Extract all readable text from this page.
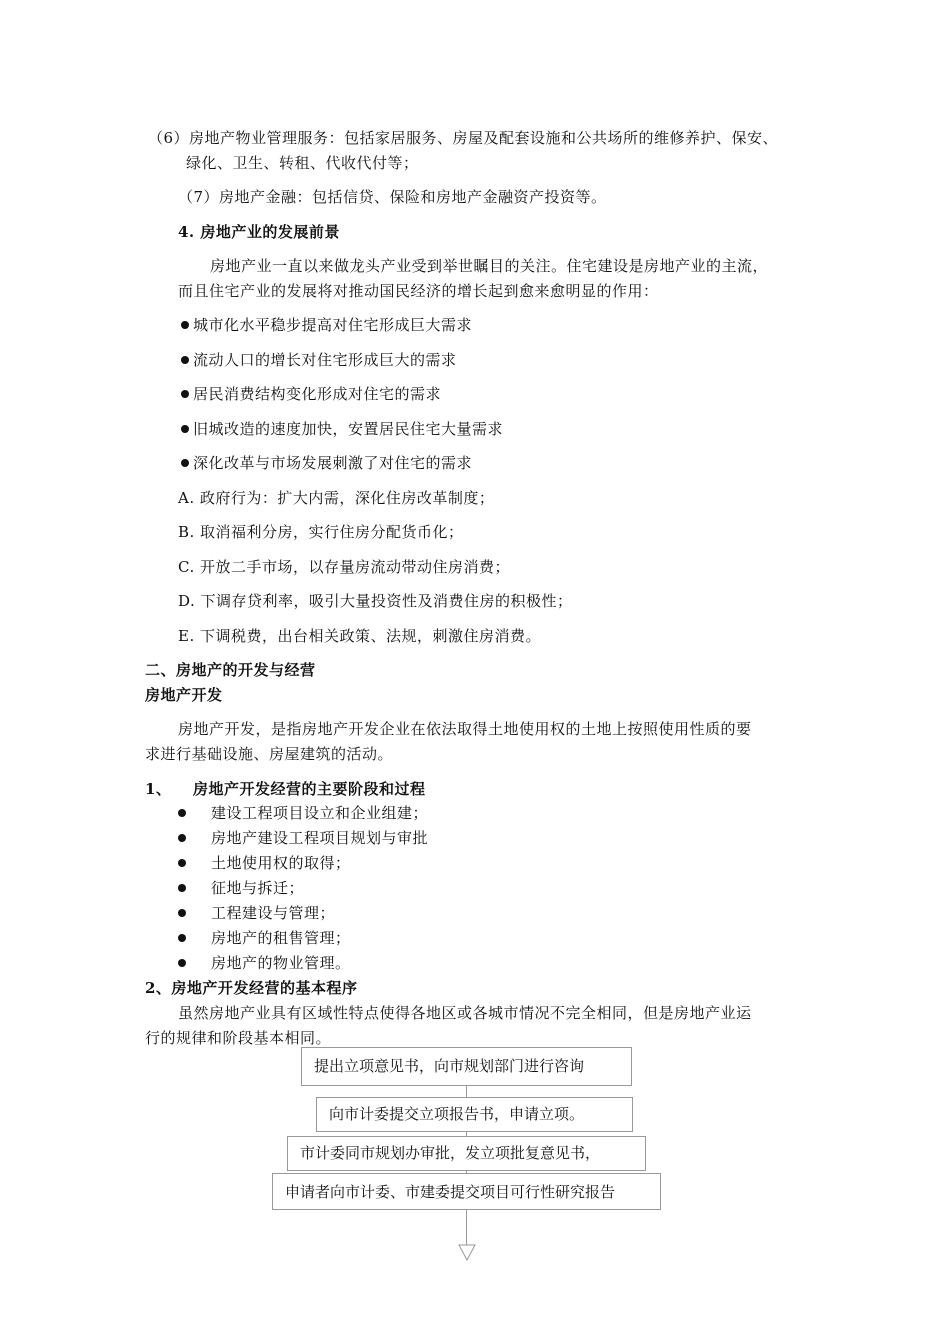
（6）房地产物业管理服务：包括家居服务、房屋及配套设施和公共场所的维修养护、保安、
绿化、卫生、转租、代收代付等；
（7）房地产金融：包括信贷、保险和房地产金融资产投资等。
4. 房地产业的发展前景
房地产业一直以来做龙头产业受到举世瞩目的关注。住宅建设是房地产业的主流，
而且住宅产业的发展将对推动国民经济的增长起到愈来愈明显的作用：
城市化水平稳步提高对住宅形成巨大需求
流动人口的增长对住宅形成巨大的需求
居民消费结构变化形成对住宅的需求
旧城改造的速度加快，安置居民住宅大量需求
深化改革与市场发展刺激了对住宅的需求
A. 政府行为：扩大内需，深化住房改革制度；
B. 取消福利分房，实行住房分配货币化；
C. 开放二手市场，以存量房流动带动住房消费；
D. 下调存贷利率，吸引大量投资性及消费住房的积极性；
E. 下调税费，出台相关政策、法规，刺激住房消费。
二、房地产的开发与经营
房地产开发
房地产开发，是指房地产开发企业在依法取得土地使用权的土地上按照使用性质的要
求进行基础设施、房屋建筑的活动。
1、 房地产开发经营的主要阶段和过程
建设工程项目设立和企业组建；
房地产建设工程项目规划与审批
土地使用权的取得；
征地与拆迁；
工程建设与管理；
房地产的租售管理；
房地产的物业管理。
2、房地产开发经营的基本程序
虽然房地产业具有区域性特点使得各地区或各城市情况不完全相同，但是房地产业运
行的规律和阶段基本相同。
提出立项意见书，向市规划部门进行咨询
向市计委提交立项报告书，申请立项。
市计委同市规划办审批，发立项批复意见书，
申请者向市计委、市建委提交项目可行性研究报告
